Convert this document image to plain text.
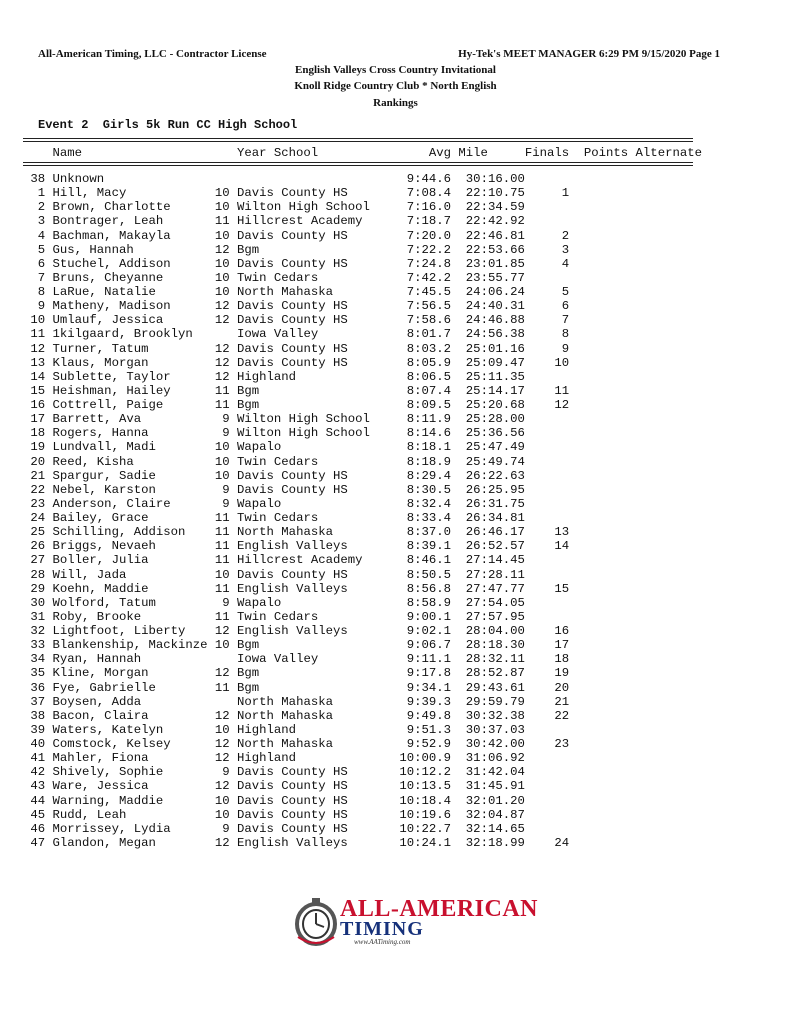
All-American Timing, LLC - Contractor License	Hy-Tek's MEET MANAGER 6:29 PM 9/15/2020 Page 1
English Valleys Cross Country Invitational
Knoll Ridge Country Club * North English
Rankings
Event 2  Girls 5k Run CC High School
Name                     Year School               Avg Mile     Finals  Points Alternate
38 Unknown	9:44.6  30:16.00
1 Hill, Macy            10 Davis County HS        7:08.4  22:10.75     1
2 Brown, Charlotte      10 Wilton High School     7:16.0  22:34.59
3 Bontrager, Leah       11 Hillcrest Academy      7:18.7  22:42.92
4 Bachman, Makayla      10 Davis County HS        7:20.0  22:46.81     2
5 Gus, Hannah           12 Bgm                    7:22.2  22:53.66     3
6 Stuchel, Addison      10 Davis County HS        7:24.8  23:01.85     4
7 Bruns, Cheyanne       10 Twin Cedars            7:42.2  23:55.77
8 LaRue, Natalie        10 North Mahaska          7:45.5  24:06.24     5
9 Matheny, Madison      12 Davis County HS        7:56.5  24:40.31     6
10 Umlauf, Jessica       12 Davis County HS        7:58.6  24:46.88     7
11 1kilgaard, Brooklyn      Iowa Valley            8:01.7  24:56.38     8
12 Turner, Tatum         12 Davis County HS        8:03.2  25:01.16     9
13 Klaus, Morgan         12 Davis County HS        8:05.9  25:09.47    10
14 Sublette, Taylor      12 Highland               8:06.5  25:11.35
15 Heishman, Hailey      11 Bgm                    8:07.4  25:14.17    11
16 Cottrell, Paige       11 Bgm                    8:09.5  25:20.68    12
17 Barrett, Ava           9 Wilton High School     8:11.9  25:28.00
18 Rogers, Hanna          9 Wilton High School     8:14.6  25:36.56
19 Lundvall, Madi        10 Wapalo                 8:18.1  25:47.49
20 Reed, Kisha           10 Twin Cedars            8:18.9  25:49.74
21 Spargur, Sadie        10 Davis County HS        8:29.4  26:22.63
22 Nebel, Karston         9 Davis County HS        8:30.5  26:25.95
23 Anderson, Claire       9 Wapalo                 8:32.4  26:31.75
24 Bailey, Grace         11 Twin Cedars            8:33.4  26:34.81
25 Schilling, Addison    11 North Mahaska          8:37.0  26:46.17    13
26 Briggs, Nevaeh        11 English Valleys        8:39.1  26:52.57    14
27 Boller, Julia         11 Hillcrest Academy      8:46.1  27:14.45
28 Will, Jada            10 Davis County HS        8:50.5  27:28.11
29 Koehn, Maddie         11 English Valleys        8:56.8  27:47.77    15
30 Wolford, Tatum         9 Wapalo                 8:58.9  27:54.05
31 Roby, Brooke          11 Twin Cedars            9:00.1  27:57.95
32 Lightfoot, Liberty    12 English Valleys        9:02.1  28:04.00    16
33 Blankenship, Mackinze 10 Bgm                    9:06.7  28:18.30    17
34 Ryan, Hannah             Iowa Valley            9:11.1  28:32.11    18
35 Kline, Morgan         12 Bgm                    9:17.8  28:52.87    19
36 Fye, Gabrielle        11 Bgm                    9:34.1  29:43.61    20
37 Boysen, Adda             North Mahaska          9:39.3  29:59.79    21
38 Bacon, Claira         12 North Mahaska          9:49.8  30:32.38    22
39 Waters, Katelyn       10 Highland               9:51.3  30:37.03
40 Comstock, Kelsey      12 North Mahaska          9:52.9  30:42.00    23
41 Mahler, Fiona         12 Highland              10:00.9  31:06.92
42 Shively, Sophie        9 Davis County HS       10:12.2  31:42.04
43 Ware, Jessica         12 Davis County HS       10:13.5  31:45.91
44 Warning, Maddie       10 Davis County HS       10:18.4  32:01.20
45 Rudd, Leah            10 Davis County HS       10:19.6  32:04.87
46 Morrissey, Lydia       9 Davis County HS       10:22.7  32:14.65
47 Glandon, Megan        12 English Valleys       10:24.1  32:18.99    24
ALL-AMERICAN
TIMING
www.AATiming.com
